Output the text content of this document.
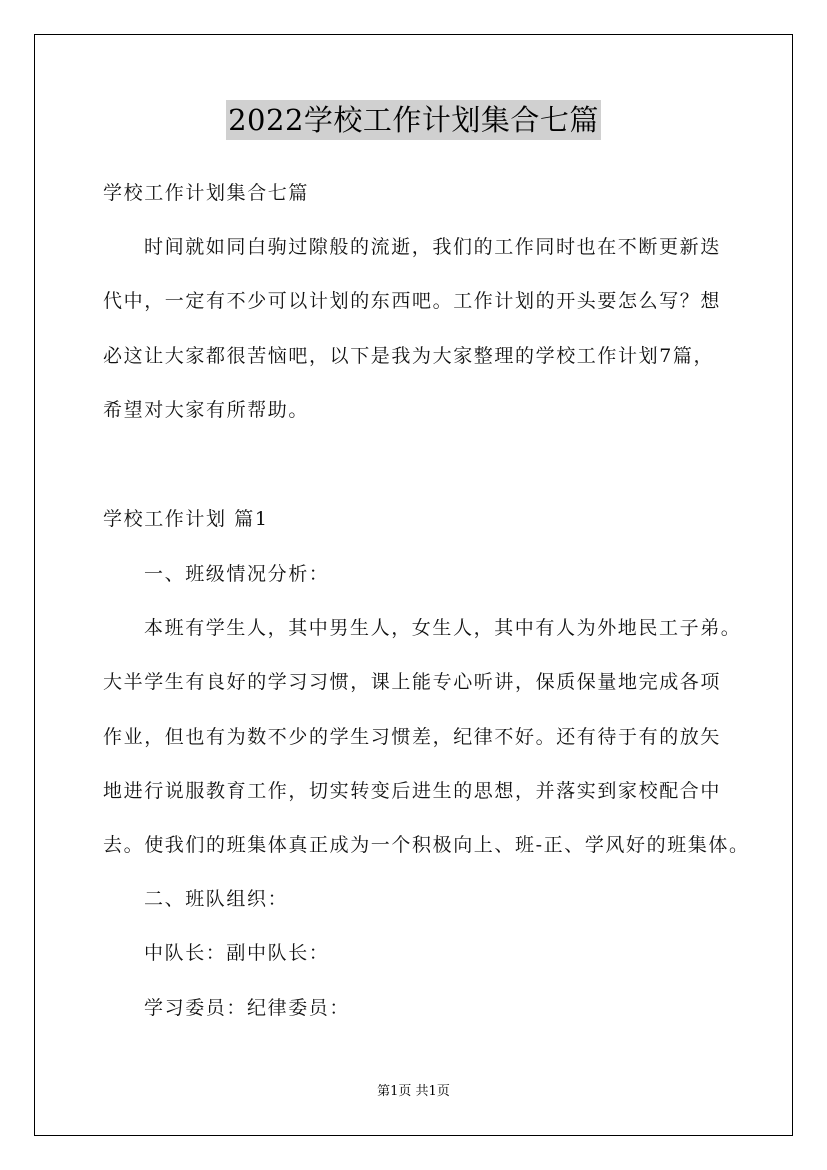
2022学校工作计划集合七篇
学校工作计划集合七篇
时间就如同白驹过隙般的流逝，我们的工作同时也在不断更新迭
代中，一定有不少可以计划的东西吧。工作计划的开头要怎么写？想
必这让大家都很苦恼吧，以下是我为大家整理的学校工作计划7篇，
希望对大家有所帮助。
学校工作计划 篇1
一、班级情况分析：
本班有学生人，其中男生人，女生人，其中有人为外地民工子弟。
大半学生有良好的学习习惯，课上能专心听讲，保质保量地完成各项
作业，但也有为数不少的学生习惯差，纪律不好。还有待于有的放矢
地进行说服教育工作，切实转变后进生的思想，并落实到家校配合中
去。使我们的班集体真正成为一个积极向上、班-正、学风好的班集体。
二、班队组织：
中队长：副中队长：
学习委员：纪律委员：
第1页 共1页
